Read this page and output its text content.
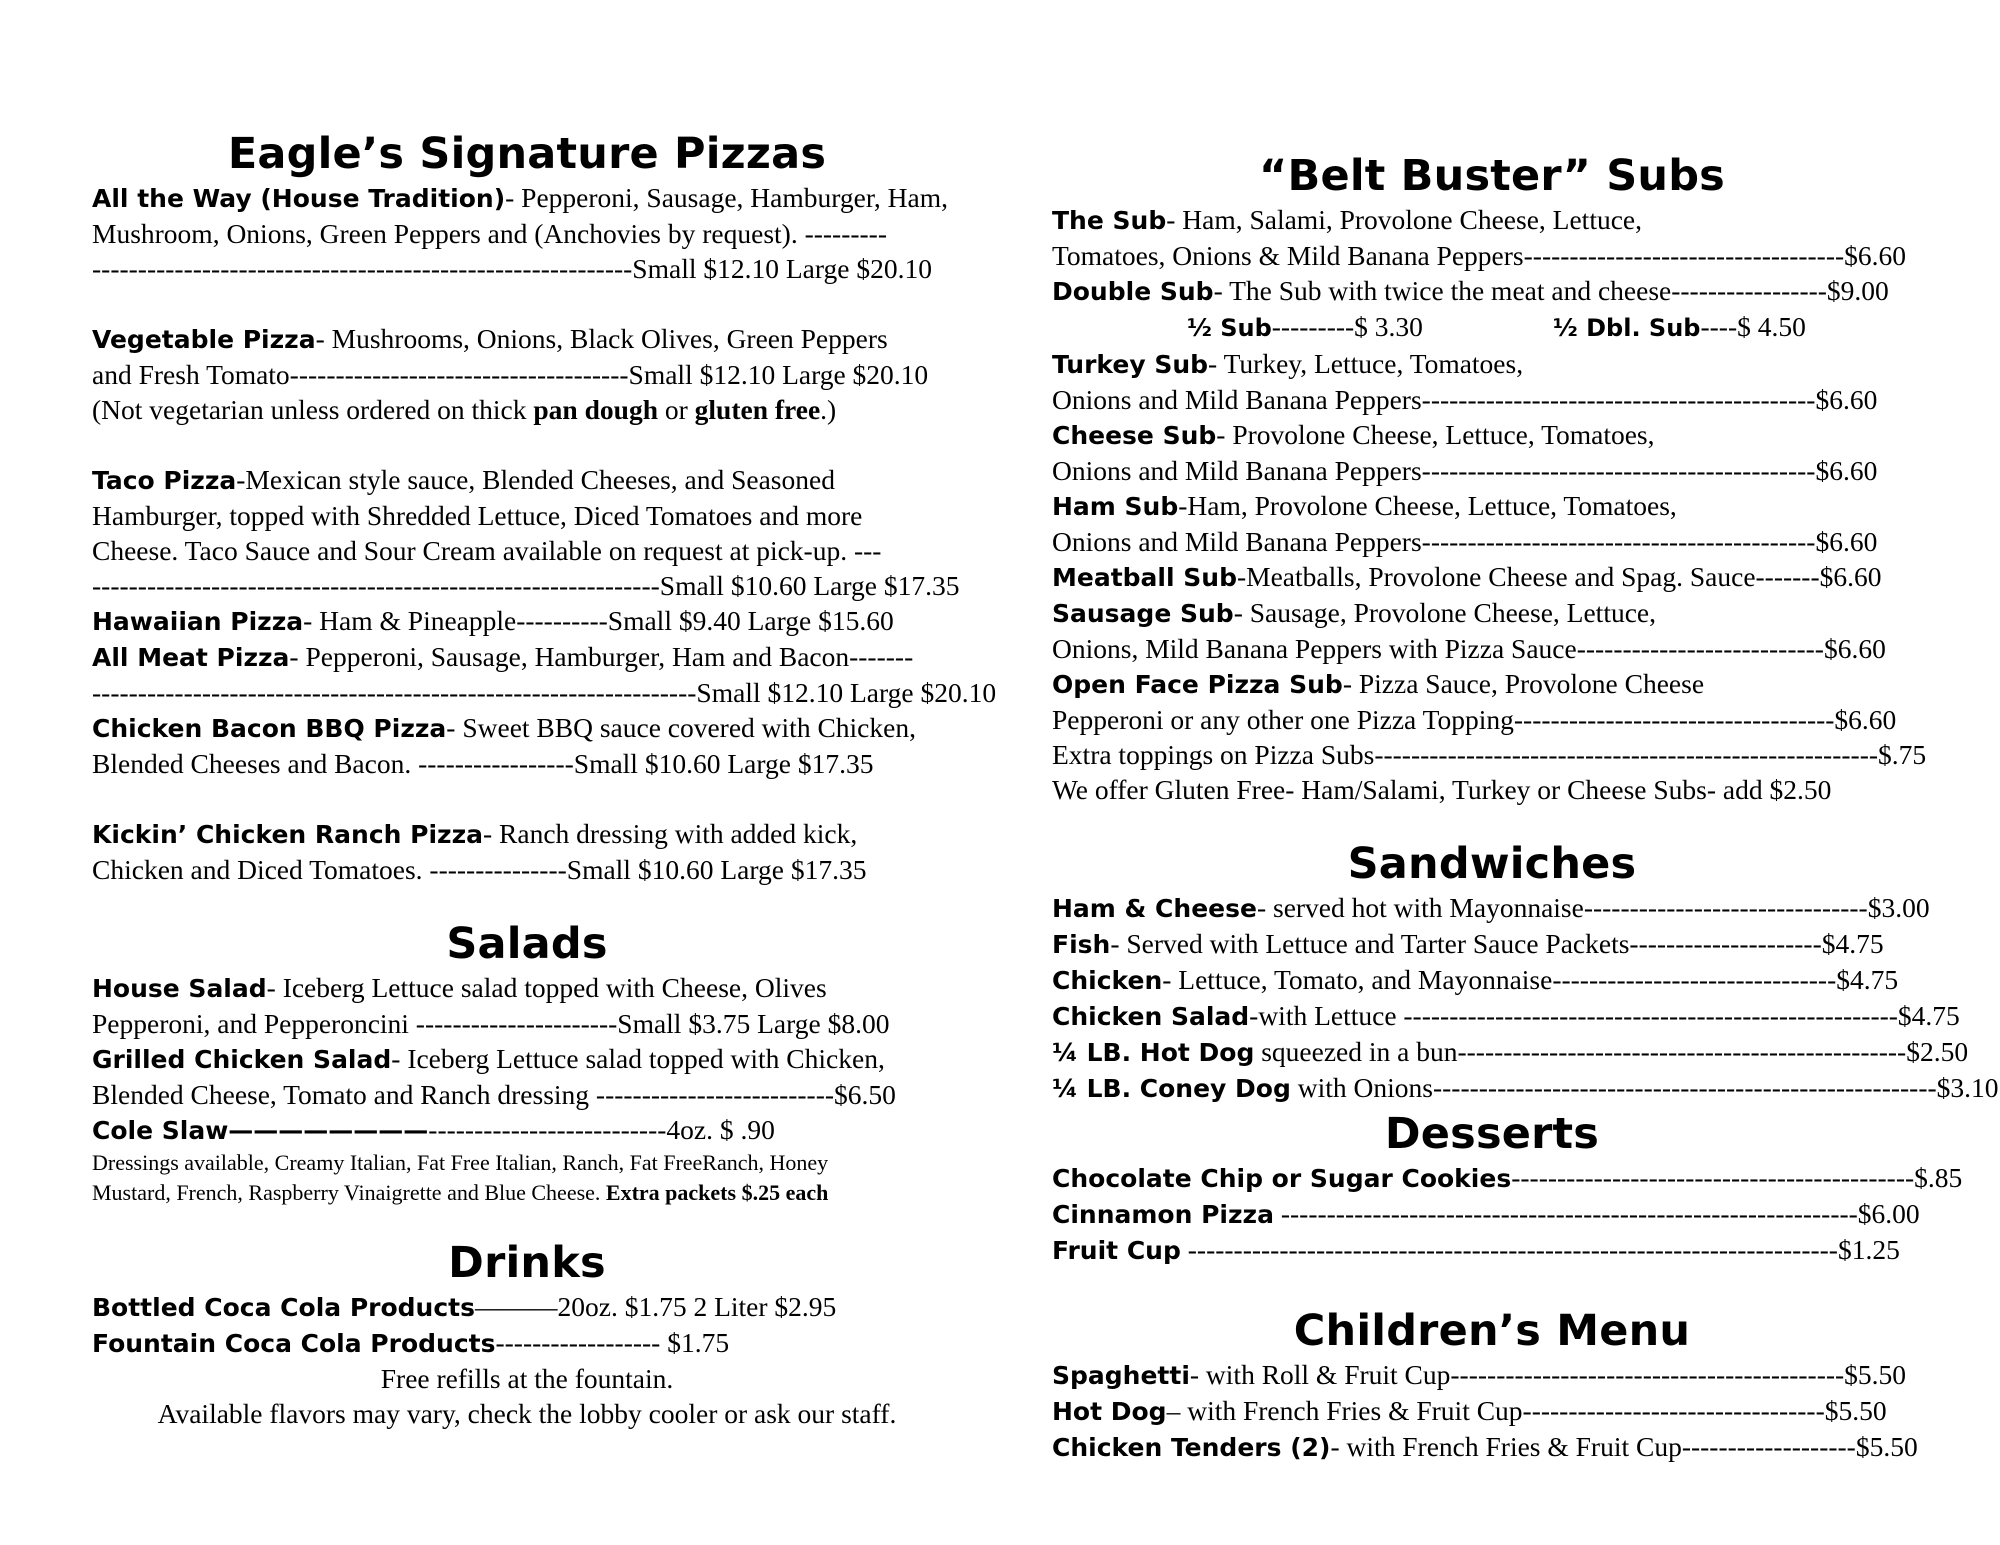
Eagle’s Signature Pizzas
All the Way (House Tradition)- Pepperoni, Sausage, Hamburger, Ham,
Mushroom, Onions, Green Peppers and (Anchovies by request). ---------
-----------------------------------------------------------Small $12.10 Large $20.10
Vegetable Pizza- Mushrooms, Onions, Black Olives, Green Peppers
and Fresh Tomato-------------------------------------Small $12.10 Large $20.10
(Not vegetarian unless ordered on thick pan dough or gluten free.)
Taco Pizza-Mexican style sauce, Blended Cheeses, and Seasoned
Hamburger, topped with Shredded Lettuce, Diced Tomatoes and more
Cheese. Taco Sauce and Sour Cream available on request at pick-up. ---
--------------------------------------------------------------Small $10.60 Large $17.35
Hawaiian Pizza- Ham & Pineapple----------Small $9.40 Large $15.60
All Meat Pizza- Pepperoni, Sausage, Hamburger, Ham and Bacon-------
------------------------------------------------------------------Small $12.10 Large $20.10
Chicken Bacon BBQ Pizza- Sweet BBQ sauce covered with Chicken,
Blended Cheeses and Bacon. -----------------Small $10.60 Large $17.35
Kickin’ Chicken Ranch Pizza- Ranch dressing with added kick,
Chicken and Diced Tomatoes. ---------------Small $10.60 Large $17.35
Salads
House Salad- Iceberg Lettuce salad topped with Cheese, Olives
Pepperoni, and Pepperoncini ----------------------Small $3.75 Large $8.00
Grilled Chicken Salad- Iceberg Lettuce salad topped with Chicken,
Blended Cheese, Tomato and Ranch dressing --------------------------$6.50
Cole Slaw————————--------------------------4oz. $ .90
Dressings available, Creamy Italian, Fat Free Italian, Ranch, Fat FreeRanch, Honey
Mustard, French, Raspberry Vinaigrette and Blue Cheese. Extra packets $.25 each
Drinks
Bottled Coca Cola Products———20oz. $1.75 2 Liter $2.95
Fountain Coca Cola Products------------------ $1.75
Free refills at the fountain.
Available flavors may vary, check the lobby cooler or ask our staff.
“Belt Buster” Subs
The Sub- Ham, Salami, Provolone Cheese, Lettuce,
Tomatoes, Onions & Mild Banana Peppers-----------------------------------$6.60
Double Sub- The Sub with twice the meat and cheese-----------------$9.00
½ Sub---------$ 3.30	½ Dbl. Sub----$ 4.50
Turkey Sub- Turkey, Lettuce, Tomatoes,
Onions and Mild Banana Peppers-------------------------------------------$6.60
Cheese Sub- Provolone Cheese, Lettuce, Tomatoes,
Onions and Mild Banana Peppers-------------------------------------------$6.60
Ham Sub-Ham, Provolone Cheese, Lettuce, Tomatoes,
Onions and Mild Banana Peppers-------------------------------------------$6.60
Meatball Sub-Meatballs, Provolone Cheese and Spag. Sauce-------$6.60
Sausage Sub- Sausage, Provolone Cheese, Lettuce,
Onions, Mild Banana Peppers with Pizza Sauce---------------------------$6.60
Open Face Pizza Sub- Pizza Sauce, Provolone Cheese
Pepperoni or any other one Pizza Topping-----------------------------------$6.60
Extra toppings on Pizza Subs-------------------------------------------------------$.75
We offer Gluten Free- Ham/Salami, Turkey or Cheese Subs- add $2.50
Sandwiches
Ham & Cheese- served hot with Mayonnaise-------------------------------$3.00
Fish- Served with Lettuce and Tarter Sauce Packets---------------------$4.75
Chicken- Lettuce, Tomato, and Mayonnaise-------------------------------$4.75
Chicken Salad-with Lettuce ------------------------------------------------------$4.75
¼ LB. Hot Dog squeezed in a bun-------------------------------------------------$2.50
¼ LB. Coney Dog with Onions-------------------------------------------------------$3.10
Desserts
Chocolate Chip or Sugar Cookies--------------------------------------------$.85
Cinnamon Pizza ---------------------------------------------------------------$6.00
Fruit Cup -----------------------------------------------------------------------$1.25
Children’s Menu
Spaghetti- with Roll & Fruit Cup-------------------------------------------$5.50
Hot Dog– with French Fries & Fruit Cup---------------------------------$5.50
Chicken Tenders (2)- with French Fries & Fruit Cup-------------------$5.50
